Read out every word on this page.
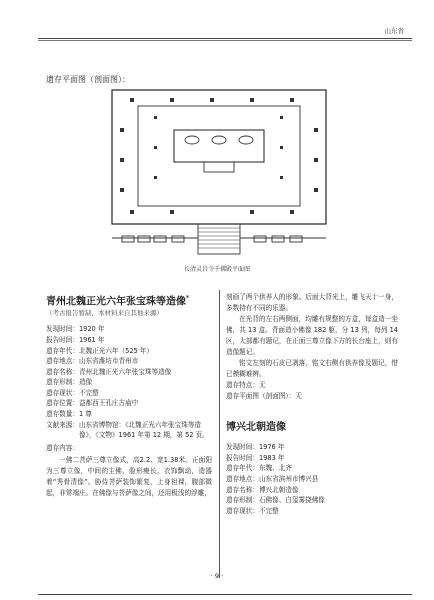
山东省
遗存平面图（剖面图）：
长清灵岩寺千佛殿平面图

青州北魏正光六年张宝珠等造像*

（考古报告暂缺，本材料来自其他来源）

发现时间：1920 年
报告时间：1961 年
遗存年代：北魏正光六年（525 年）
遗存地点：山东省潍坊市青州市
遗存名称：青州北魏正光六年张宝珠等造像
遗存形制：造像
遗存现状：不完整
遗存位置：益都西王孔庄古庙中
遗存数量：1 尊
文献来源：山东省博物馆：《北魏正光六年张宝珠等造像》，《文物》1961 年第 12 期，第 52 页。
遗存内容：

一佛二菩萨三尊立像式，高2.2、宽1.38米。正面阳为三尊立像，中间的主佛，脸形瘦长，衣饰飘动，造器着“秀骨清像”。胁侍菩萨装饰繁复，上身袒裸，腹部微起，非常端庄。在佛像与菩萨像之间，还用极浅的浮雕，

刻画了两个供养人的形象。后面大背光上，雕飞天十一身，多数持有不同的乐器。

在光背的左右两侧面，均雕有规整的方盒，每盒造一坐佛，共 13 盒。背面造小佛像 182 躯，分 13 列，每列 14 区，大部都有题记，在正面三尊立像下方的长台座上，则有造像题记。

铭文左刻的石皮已剥落，铭文右侧有供养像及题记，惜已模糊难辨。

遗存特点：无
遗存平面图（剖面图）：无

博兴北朝造像

发现时间：1976 年
报告时间：1983 年
遗存年代：东魏、北齐
遗存地点：山东省滨州市博兴县
遗存名称：博兴北朝造像
遗存形制：石佛像、白玺雾挠佛像
遗存现状：不完整
· 9 ·
